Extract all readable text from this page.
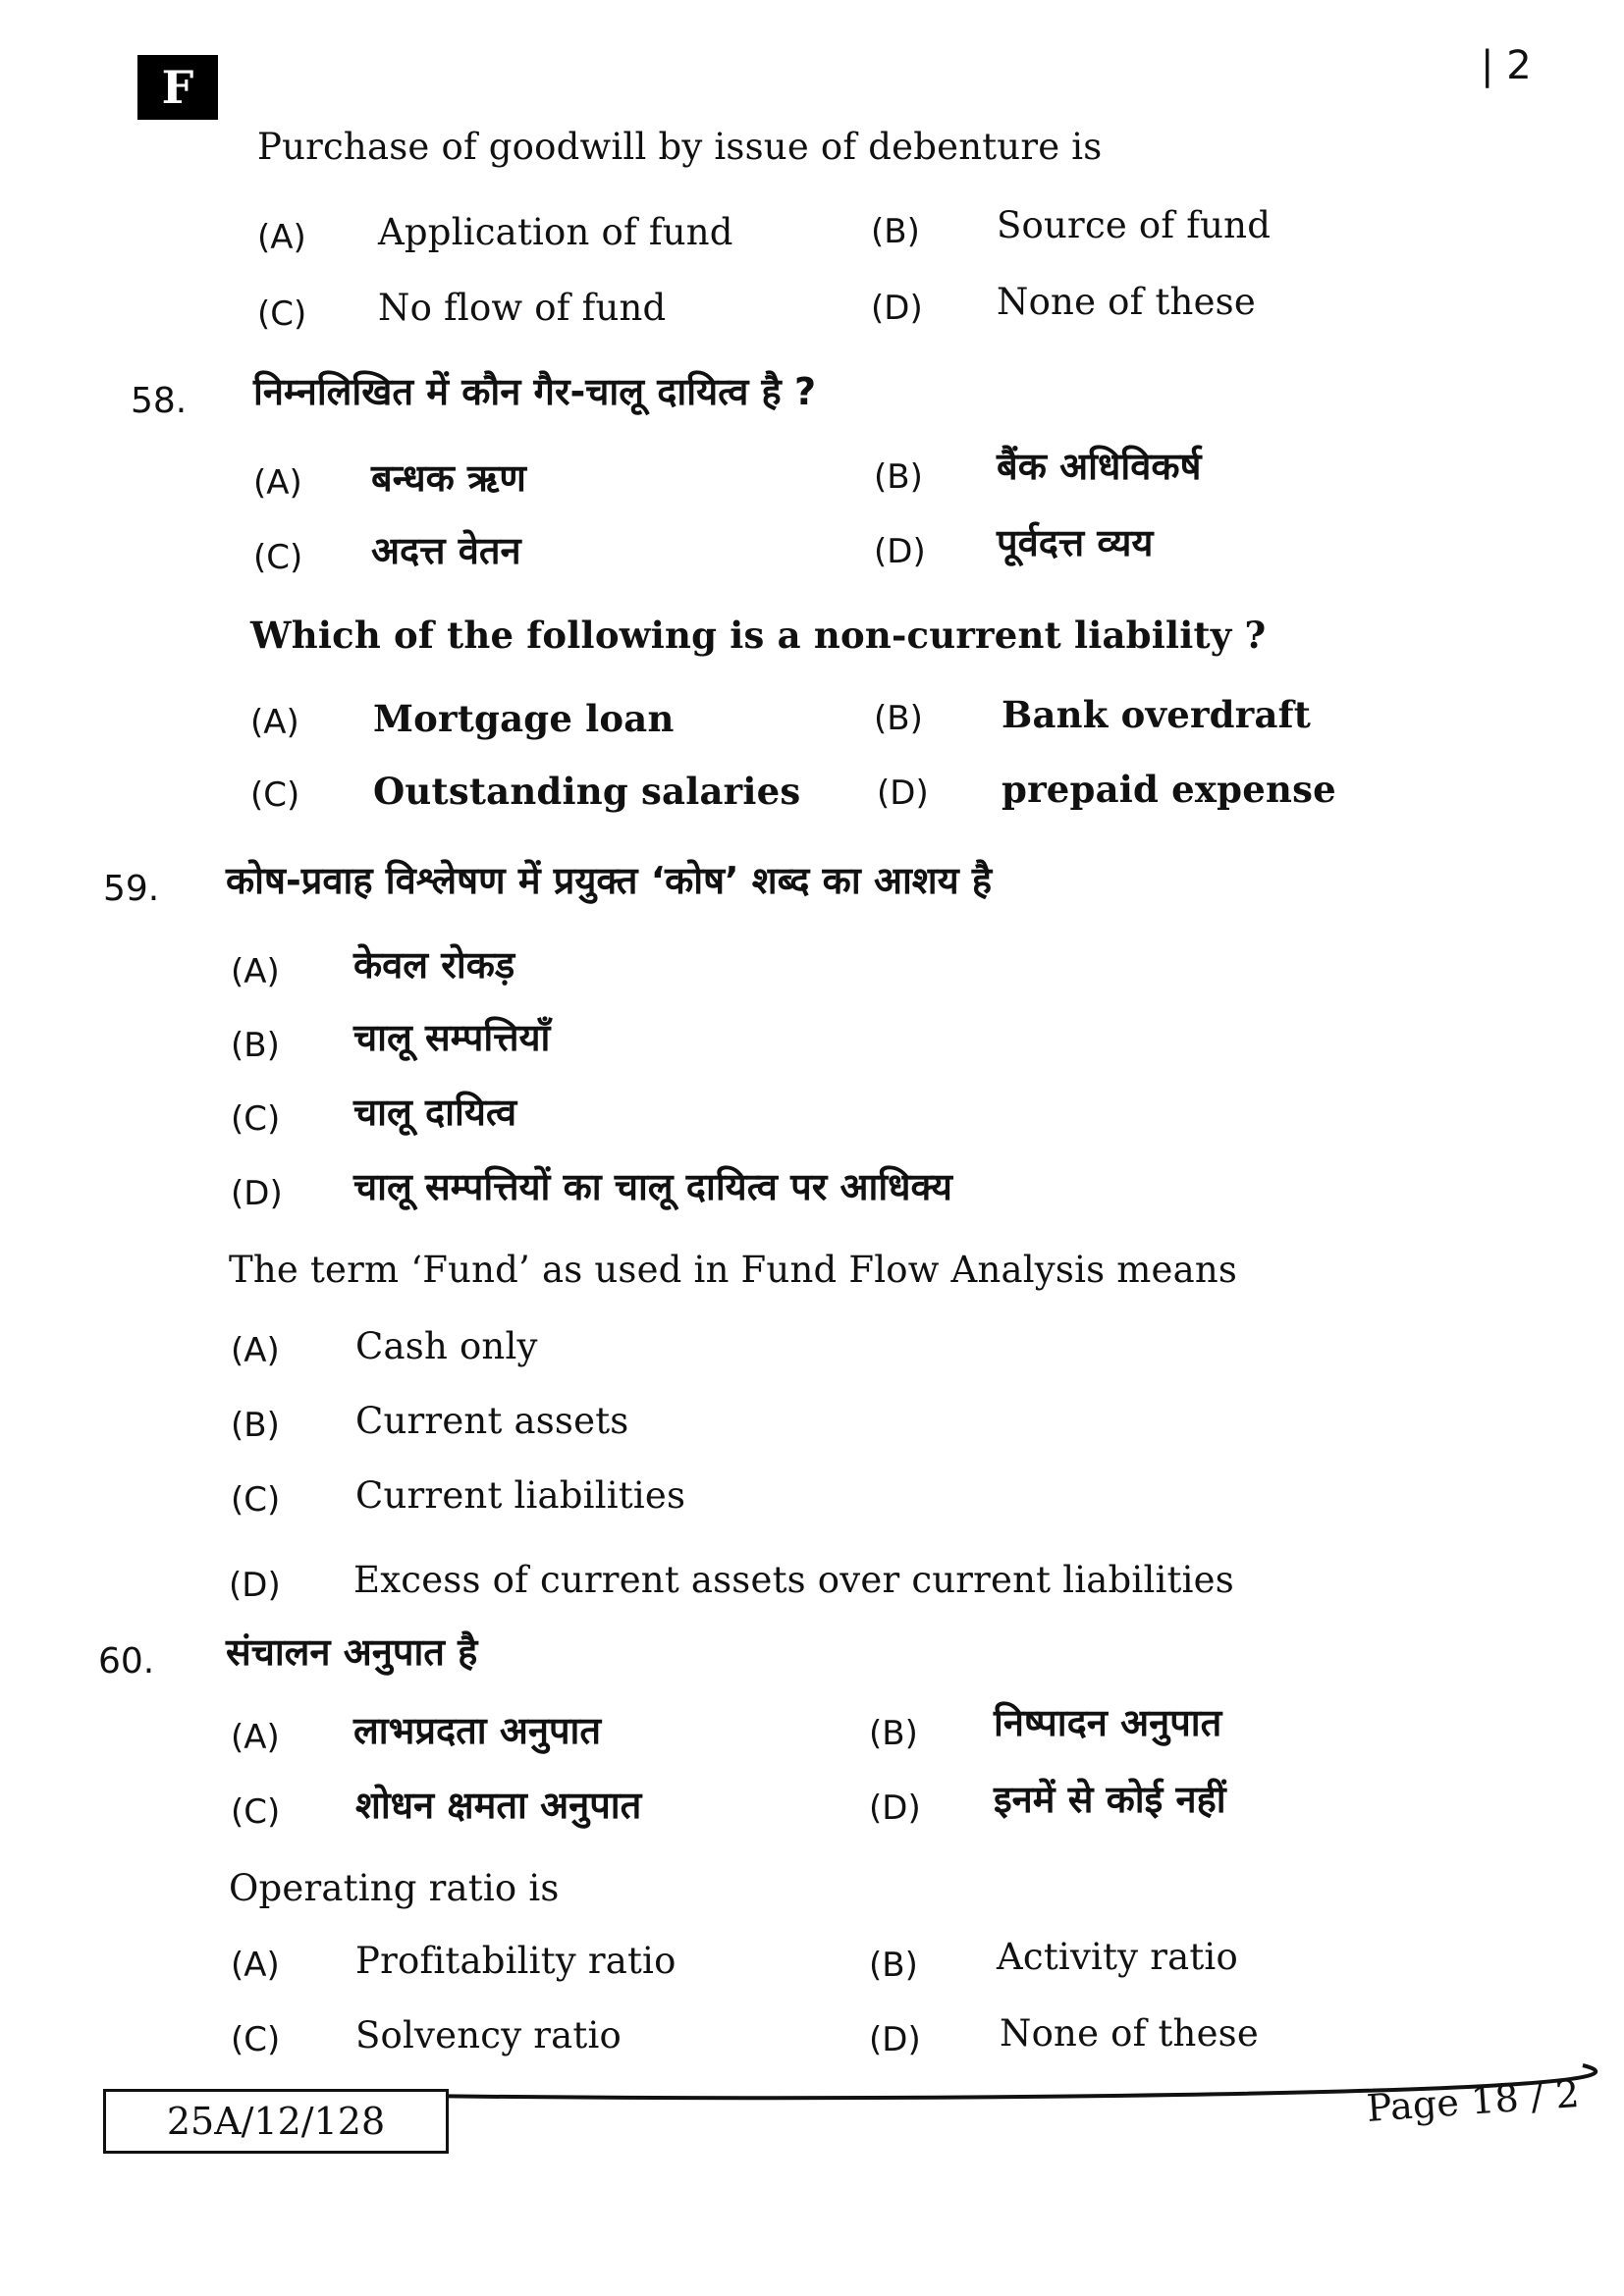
F	| 2
Purchase of goodwill by issue of debenture is
(A) Application of fund	(B) Source of fund
(C) No flow of fund	(D) None of these
58. निम्नलिखित में कौन गैर-चालू दायित्व है ?
(A) बन्धक ऋण	(B) बैंक अधिविकर्ष
(C) अदत्त वेतन	(D) पूर्वदत्त व्यय
Which of the following is a non-current liability ?
(A) Mortgage loan	(B) Bank overdraft
(C) Outstanding salaries (D) prepaid expense
59. कोष-प्रवाह विश्लेषण में प्रयुक्त ‘कोष’ शब्द का आशय है
(A) केवल रोकड़
(B) चालू सम्पत्तियाँ
(C) चालू दायित्व
(D) चालू सम्पत्तियों का चालू दायित्व पर आधिक्य
The term ‘Fund’ as used in Fund Flow Analysis means
(A) Cash only
(B) Current assets
(C) Current liabilities
(D) Excess of current assets over current liabilities
60. संचालन अनुपात है
(A) लाभप्रदता अनुपात	(B) निष्पादन अनुपात
(C) शोधन क्षमता अनुपात	(D) इनमें से कोई नहीं
Operating ratio is
(A) Profitability ratio	(B) Activity ratio
(C) Solvency ratio	(D) None of these
25A/12/128	Page 18 / 2
